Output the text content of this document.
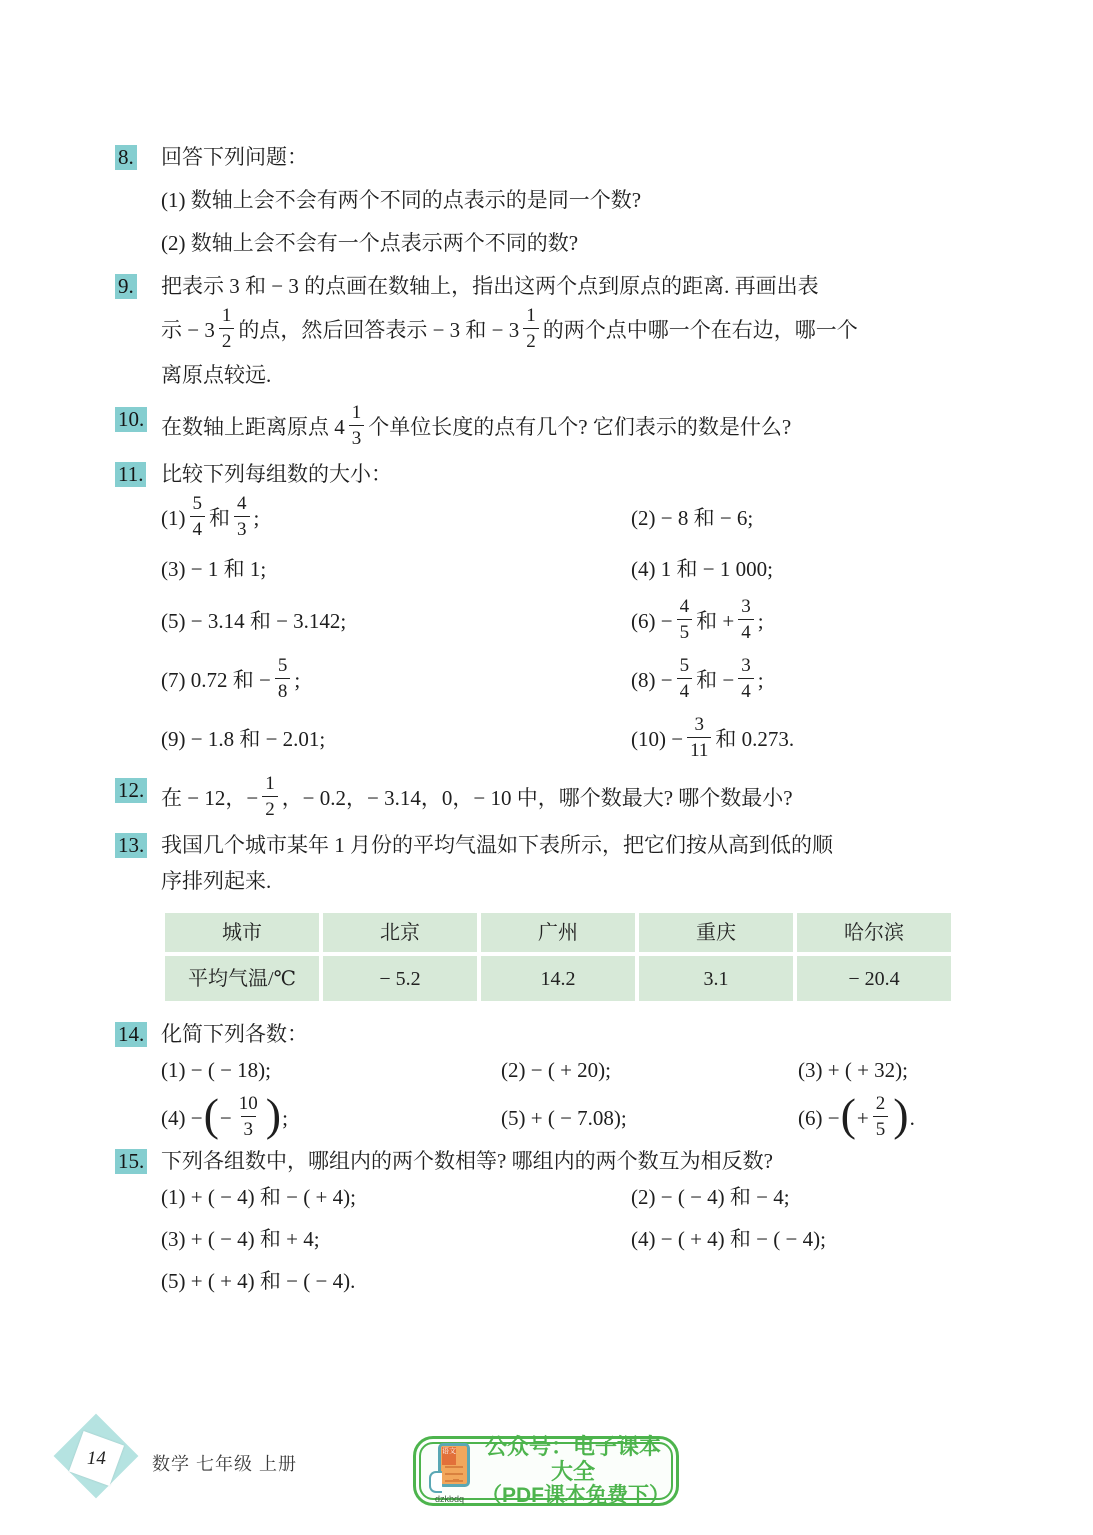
8.	回答下列问题：
(1) 数轴上会不会有两个不同的点表示的是同一个数?
(2) 数轴上会不会有一个点表示两个不同的数?
9.	把表示 3 和 − 3 的点画在数轴上，指出这两个点到原点的距离. 再画出表
示 − $3 \frac{1}{2}$ 的点，然后回答表示 − 3 和 − $3 \frac{1}{2}$ 的两个点中哪一个在右边，哪一个
离原点较远.
10. 在数轴上距离原点 $4 \frac{1}{3}$ 个单位长度的点有几个? 它们表示的数是什么?
11. 比较下列每组数的大小：
$(1) \frac{5}{4}$ 和 $\frac{4}{3}$ ;	(2) − 8 和 − 6;
(3) − 1 和 1;	(4) 1 和 − 1 000;
(5) − 3.14 和 − 3.142;	$(6) - \frac{4}{5}$ 和 + $\frac{3}{4}$ ;
(7) 0.72 和 − $\frac{5}{8}$ ;	$(8) - \frac{5}{4}$ 和 − $\frac{3}{4}$ ;
(9) − 1.8 和 − 2.01;	$(10) - \frac{3}{11}$ 和 0.273.
12. 在 − 12，− $\frac{1}{2}$ ，− 0.2，− 3.14，0，− 10 中，哪个数最大? 哪个数最小?
13. 我国几个城市某年 1 月份的平均气温如下表所示，把它们按从高到低的顺
序排列起来.
城市	北京	广州	重庆	哈尔滨
平均气温/℃	− 5.2	14.2	3.1	− 20.4
14. 化简下列各数：
(1) − ( − 18);	(2) − ( + 20);	(3) + ( + 32);
(4) − ( − $\frac{10}{3}$ ) ;	(5) + ( − 7.08);	(6) − ( + $\frac{2}{5}$ ) .
15. 下列各组数中，哪组内的两个数相等? 哪组内的两个数互为相反数?
(1) + ( − 4) 和 − ( + 4);	(2) − ( − 4) 和 − 4;
(3) + ( − 4) 和 + 4;	(4) − ( + 4) 和 − ( − 4);
(5) + ( + 4) 和 − ( − 4).
14	数学 七年级 上册
语文
dzkbdq
公众号：电子课本大全
（PDF课本免费下）
